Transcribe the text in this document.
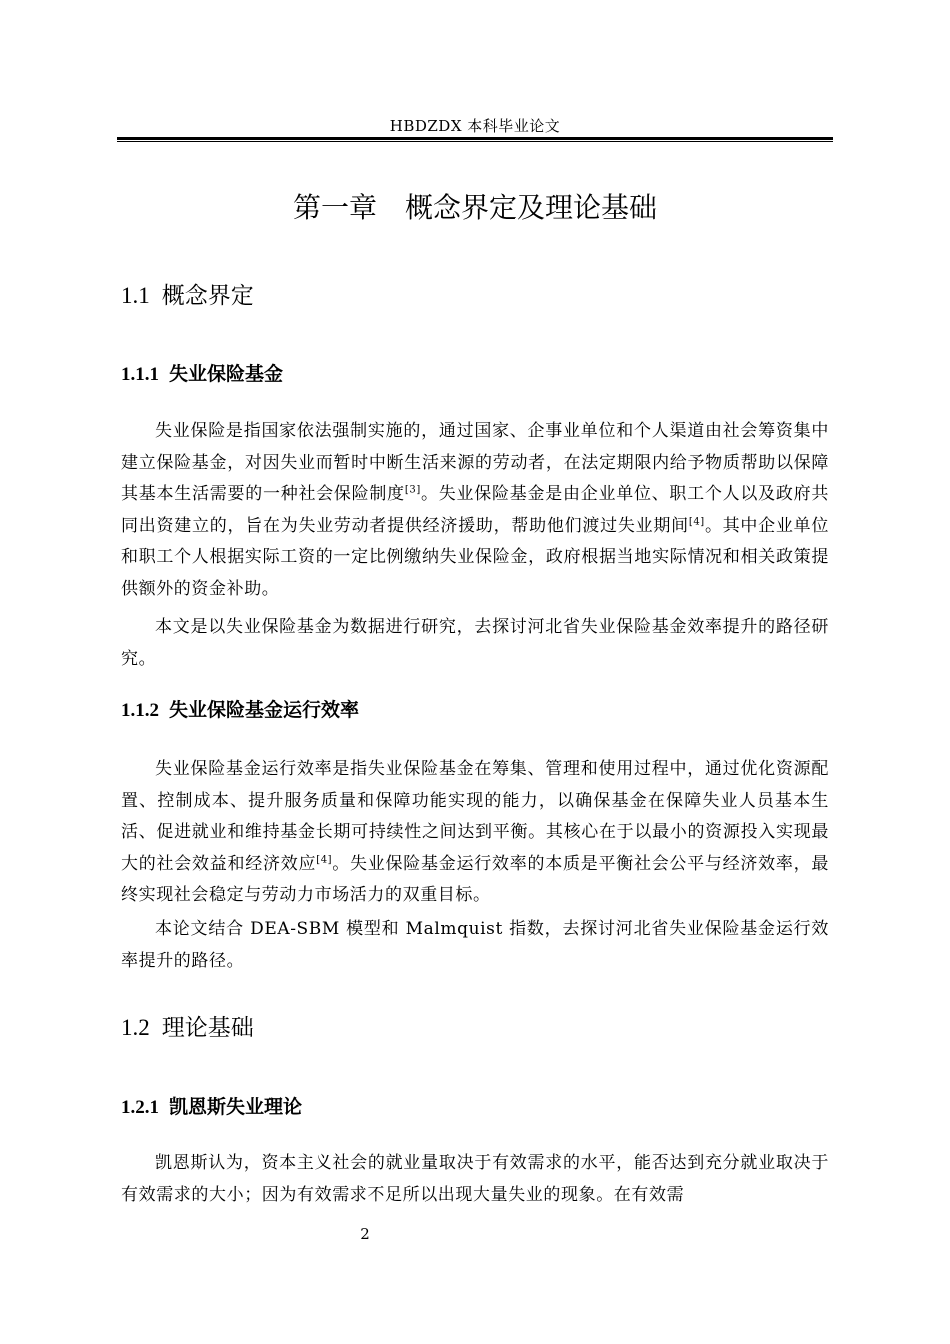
HBDZDX 本科毕业论文
第一章　概念界定及理论基础
1.1 概念界定
1.1.1 失业保险基金

失业保险是指国家依法强制实施的，通过国家、企事业单位和个人渠道由社会筹资集中建立保险基金，对因失业而暂时中断生活来源的劳动者，在法定期限内给予物质帮助以保障其基本生活需要的一种社会保险制度[3]。失业保险基金是由企业单位、职工个人以及政府共同出资建立的，旨在为失业劳动者提供经济援助，帮助他们渡过失业期间[4]。其中企业单位和职工个人根据实际工资的一定比例缴纳失业保险金，政府根据当地实际情况和相关政策提供额外的资金补助。

本文是以失业保险基金为数据进行研究，去探讨河北省失业保险基金效率提升的路径研究。

1.1.2 失业保险基金运行效率

失业保险基金运行效率是指失业保险基金在筹集、管理和使用过程中，通过优化资源配置、控制成本、提升服务质量和保障功能实现的能力，以确保基金在保障失业人员基本生活、促进就业和维持基金长期可持续性之间达到平衡。其核心在于以最小的资源投入实现最大的社会效益和经济效应[4]。失业保险基金运行效率的本质是平衡社会公平与经济效率，最终实现社会稳定与劳动力市场活力的双重目标。

本论文结合 DEA-SBM 模型和 Malmquist 指数，去探讨河北省失业保险基金运行效率提升的路径。

1.2 理论基础
1.2.1 凯恩斯失业理论

凯恩斯认为，资本主义社会的就业量取决于有效需求的水平，能否达到充分就业取决于有效需求的大小；因为有效需求不足所以出现大量失业的现象。在有效需

2
